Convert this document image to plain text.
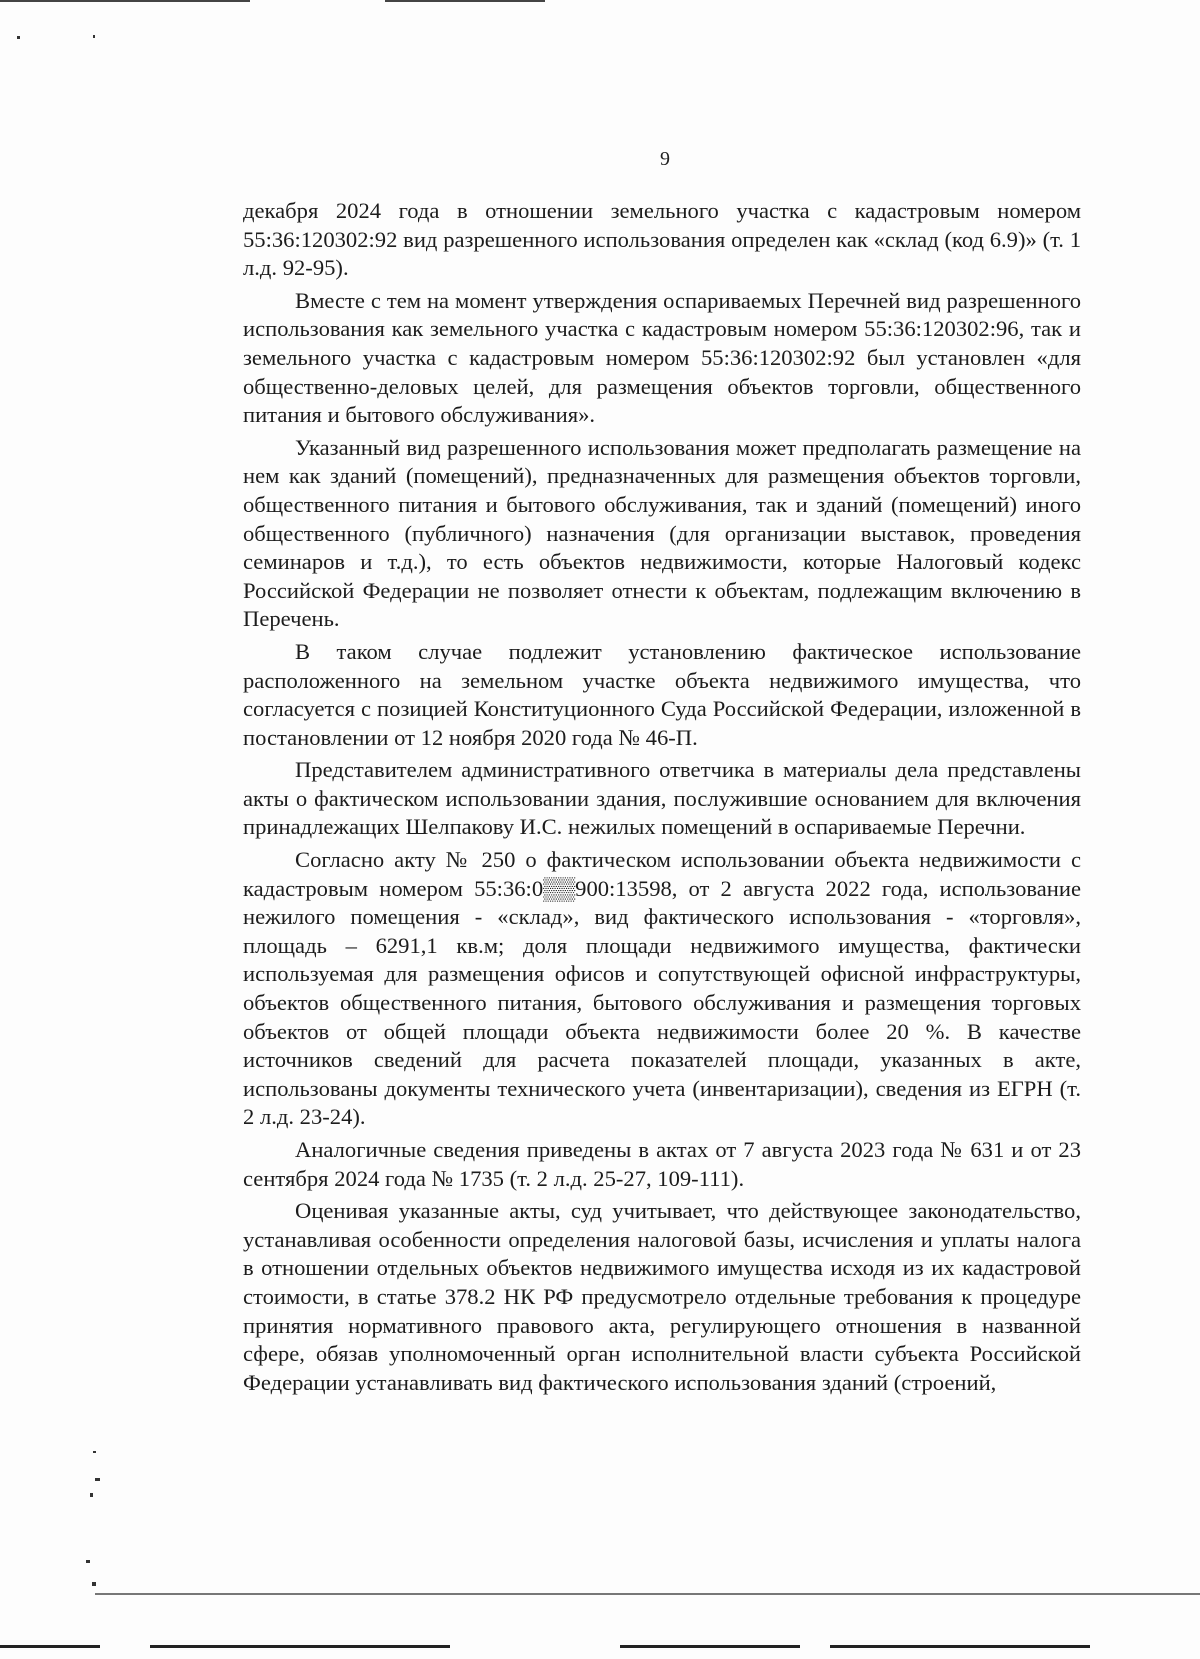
9

декабря 2024 года в отношении земельного участка с кадастровым номером 55:36:120302:92 вид разрешенного использования определен как «склад (код 6.9)» (т. 1 л.д. 92-95).

Вместе с тем на момент утверждения оспариваемых Перечней вид разрешенного использования как земельного участка с кадастровым номером 55:36:120302:96, так и земельного участка с кадастровым номером 55:36:120302:92 был установлен «для общественно-деловых целей, для размещения объектов торговли, общественного питания и бытового обслуживания».

Указанный вид разрешенного использования может предполагать размещение на нем как зданий (помещений), предназначенных для размещения объектов торговли, общественного питания и бытового обслуживания, так и зданий (помещений) иного общественного (публичного) назначения (для организации выставок, проведения семинаров и т.д.), то есть объектов недвижимости, которые Налоговый кодекс Российской Федерации не позволяет отнести к объектам, подлежащим включению в Перечень.

В таком случае подлежит установлению фактическое использование расположенного на земельном участке объекта недвижимого имущества, что согласуется с позицией Конституционного Суда Российской Федерации, изложенной в постановлении от 12 ноября 2020 года № 46-П.

Представителем административного ответчика в материалы дела представлены акты о фактическом использовании здания, послужившие основанием для включения принадлежащих Шелпакову И.С. нежилых помещений в оспариваемые Перечни.

Согласно акту № 250 о фактическом использовании объекта недвижимости с кадастровым номером 55:36:0▒▒900:13598, от 2 августа 2022 года, использование нежилого помещения - «склад», вид фактического использования - «торговля», площадь – 6291,1 кв.м; доля площади недвижимого имущества, фактически используемая для размещения офисов и сопутствующей офисной инфраструктуры, объектов общественного питания, бытового обслуживания и размещения торговых объектов от общей площади объекта недвижимости более 20 %. В качестве источников сведений для расчета показателей площади, указанных в акте, использованы документы технического учета (инвентаризации), сведения из ЕГРН (т. 2 л.д. 23-24).

Аналогичные сведения приведены в актах от 7 августа 2023 года № 631 и от 23 сентября 2024 года № 1735 (т. 2 л.д. 25-27, 109-111).

Оценивая указанные акты, суд учитывает, что действующее законодательство, устанавливая особенности определения налоговой базы, исчисления и уплаты налога в отношении отдельных объектов недвижимого имущества исходя из их кадастровой стоимости, в статье 378.2 НК РФ предусмотрело отдельные требования к процедуре принятия нормативного правового акта, регулирующего отношения в названной сфере, обязав уполномоченный орган исполнительной власти субъекта Российской Федерации устанавливать вид фактического использования зданий (строений,
